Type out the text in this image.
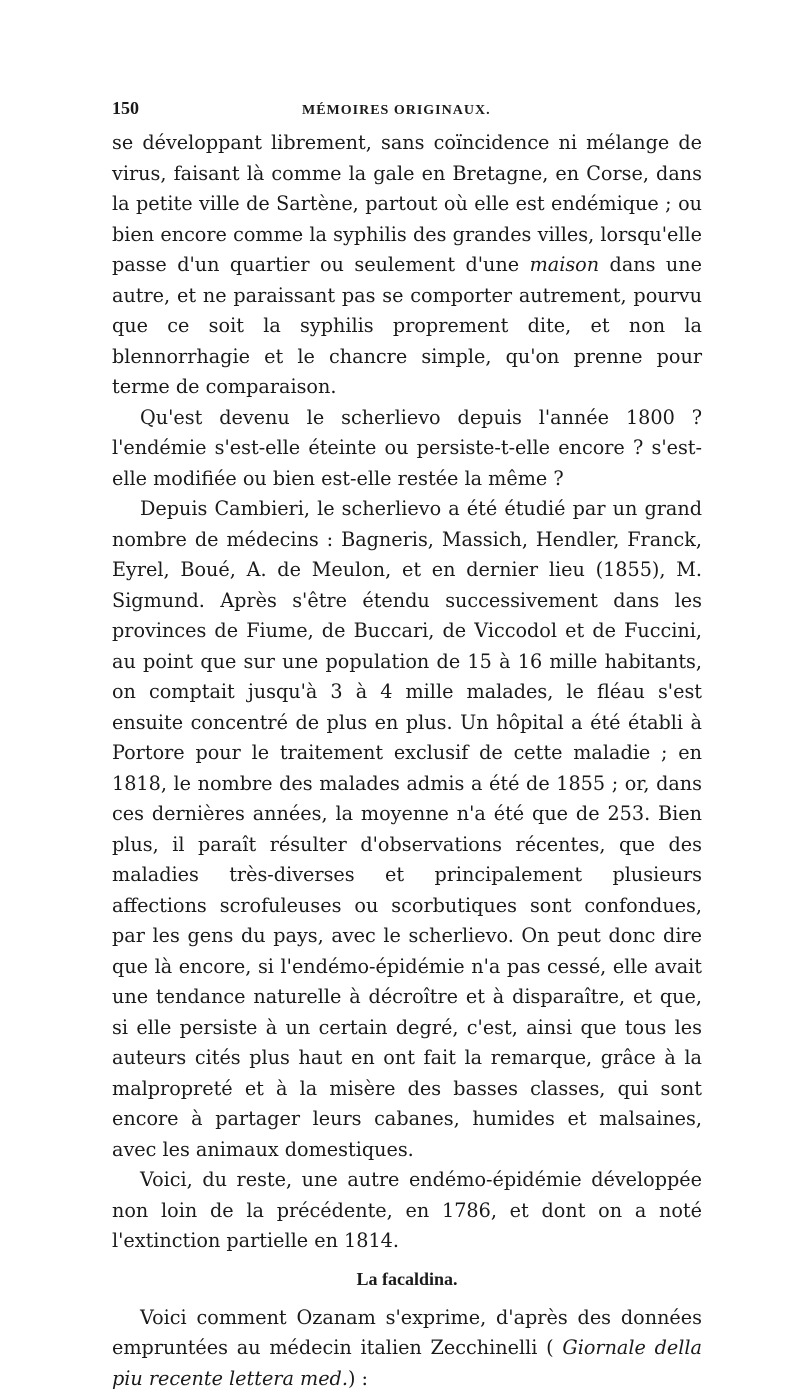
150	MÉMOIRES ORIGINAUX.

se développant librement, sans coïncidence ni mélange de virus, faisant là comme la gale en Bretagne, en Corse, dans la petite ville de Sartène, partout où elle est endémique ; ou bien encore comme la syphilis des grandes villes, lorsqu'elle passe d'un quartier ou seulement d'une maison dans une autre, et ne paraissant pas se comporter autrement, pourvu que ce soit la syphilis proprement dite, et non la blennorrhagie et le chancre simple, qu'on prenne pour terme de comparaison.

Qu'est devenu le scherlievo depuis l'année 1800 ? l'endémie s'est-elle éteinte ou persiste-t-elle encore ? s'est-elle modifiée ou bien est-elle restée la même ?

Depuis Cambieri, le scherlievo a été étudié par un grand nombre de médecins : Bagneris, Massich, Hendler, Franck, Eyrel, Boué, A. de Meulon, et en dernier lieu (1855), M. Sigmund. Après s'être étendu successivement dans les provinces de Fiume, de Buccari, de Viccodol et de Fuccini, au point que sur une population de 15 à 16 mille habitants, on comptait jusqu'à 3 à 4 mille malades, le fléau s'est ensuite concentré de plus en plus. Un hôpital a été établi à Portore pour le traitement exclusif de cette maladie ; en 1818, le nombre des malades admis a été de 1855 ; or, dans ces dernières années, la moyenne n'a été que de 253. Bien plus, il paraît résulter d'observations récentes, que des maladies très-diverses et principalement plusieurs affections scrofuleuses ou scorbutiques sont confondues, par les gens du pays, avec le scherlievo. On peut donc dire que là encore, si l'endémo-épidémie n'a pas cessé, elle avait une tendance naturelle à décroître et à disparaître, et que, si elle persiste à un certain degré, c'est, ainsi que tous les auteurs cités plus haut en ont fait la remarque, grâce à la malpropreté et à la misère des basses classes, qui sont encore à partager leurs cabanes, humides et malsaines, avec les animaux domestiques.

Voici, du reste, une autre endémo-épidémie développée non loin de la précédente, en 1786, et dont on a noté l'extinction partielle en 1814.

La facaldina.

Voici comment Ozanam s'exprime, d'après des données empruntées au médecin italien Zecchinelli ( Giornale della piu recente lettera med.) :
